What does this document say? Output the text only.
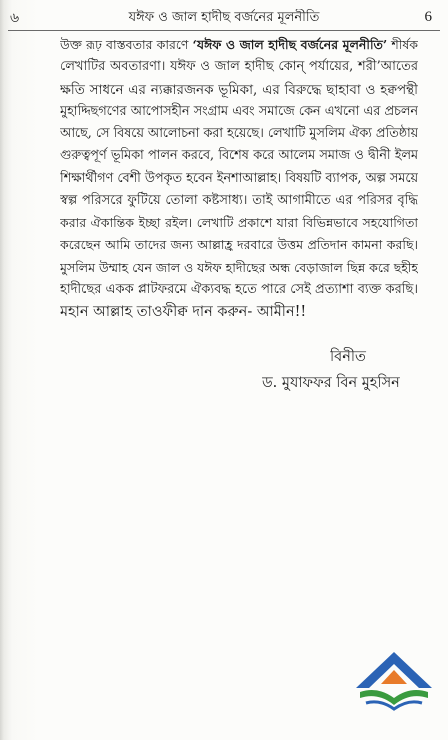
৬	যঈফ ও জাল হাদীছ বর্জনের মূলনীতি	6
উক্ত রূঢ় বাস্তবতার কারণে ‘যঈফ ও জাল হাদীছ বর্জনের মূলনীতি’ শীর্ষক
লেখাটির অবতারণা। যঈফ ও জাল হাদীছ কোন্ পর্যায়ের, শরী’আতের
ক্ষতি সাধনে এর ন্যক্কারজনক ভূমিকা, এর বিরুদ্ধে ছাহাবা ও হক্বপন্থী
মুহাদ্দিছগণের আপোসহীন সংগ্রাম এবং সমাজে কেন এখনো এর প্রচলন
আছে, সে বিষয়ে আলোচনা করা হয়েছে। লেখাটি মুসলিম ঐক্য প্রতিষ্ঠায়
গুরুত্বপূর্ণ ভূমিকা পালন করবে, বিশেষ করে আলেম সমাজ ও দ্বীনী ইলম
শিক্ষার্থীগণ বেশী উপকৃত হবেন ইনশাআল্লাহ। বিষয়টি ব্যাপক, অল্প সময়ে
স্বল্প পরিসরে ফুটিয়ে তোলা কষ্টসাধ্য। তাই আগামীতে এর পরিসর বৃদ্ধি
করার ঐকান্তিক ইচ্ছা রইল। লেখাটি প্রকাশে যারা বিভিন্নভাবে সহযোগিতা
করেছেন আমি তাদের জন্য আল্লাহ্র দরবারে উত্তম প্রতিদান কামনা করছি।
মুসলিম উম্মাহ যেন জাল ও যঈফ হাদীছের অন্ধ বেড়াজাল ছিন্ন করে ছহীহ
হাদীছের একক প্লাটফরমে ঐক্যবদ্ধ হতে পারে সেই প্রত্যাশা ব্যক্ত করছি।
মহান আল্লাহ তাওফীক্ব দান করুন- আমীন!!
বিনীত
ড. মুযাফফর বিন মুহসিন
